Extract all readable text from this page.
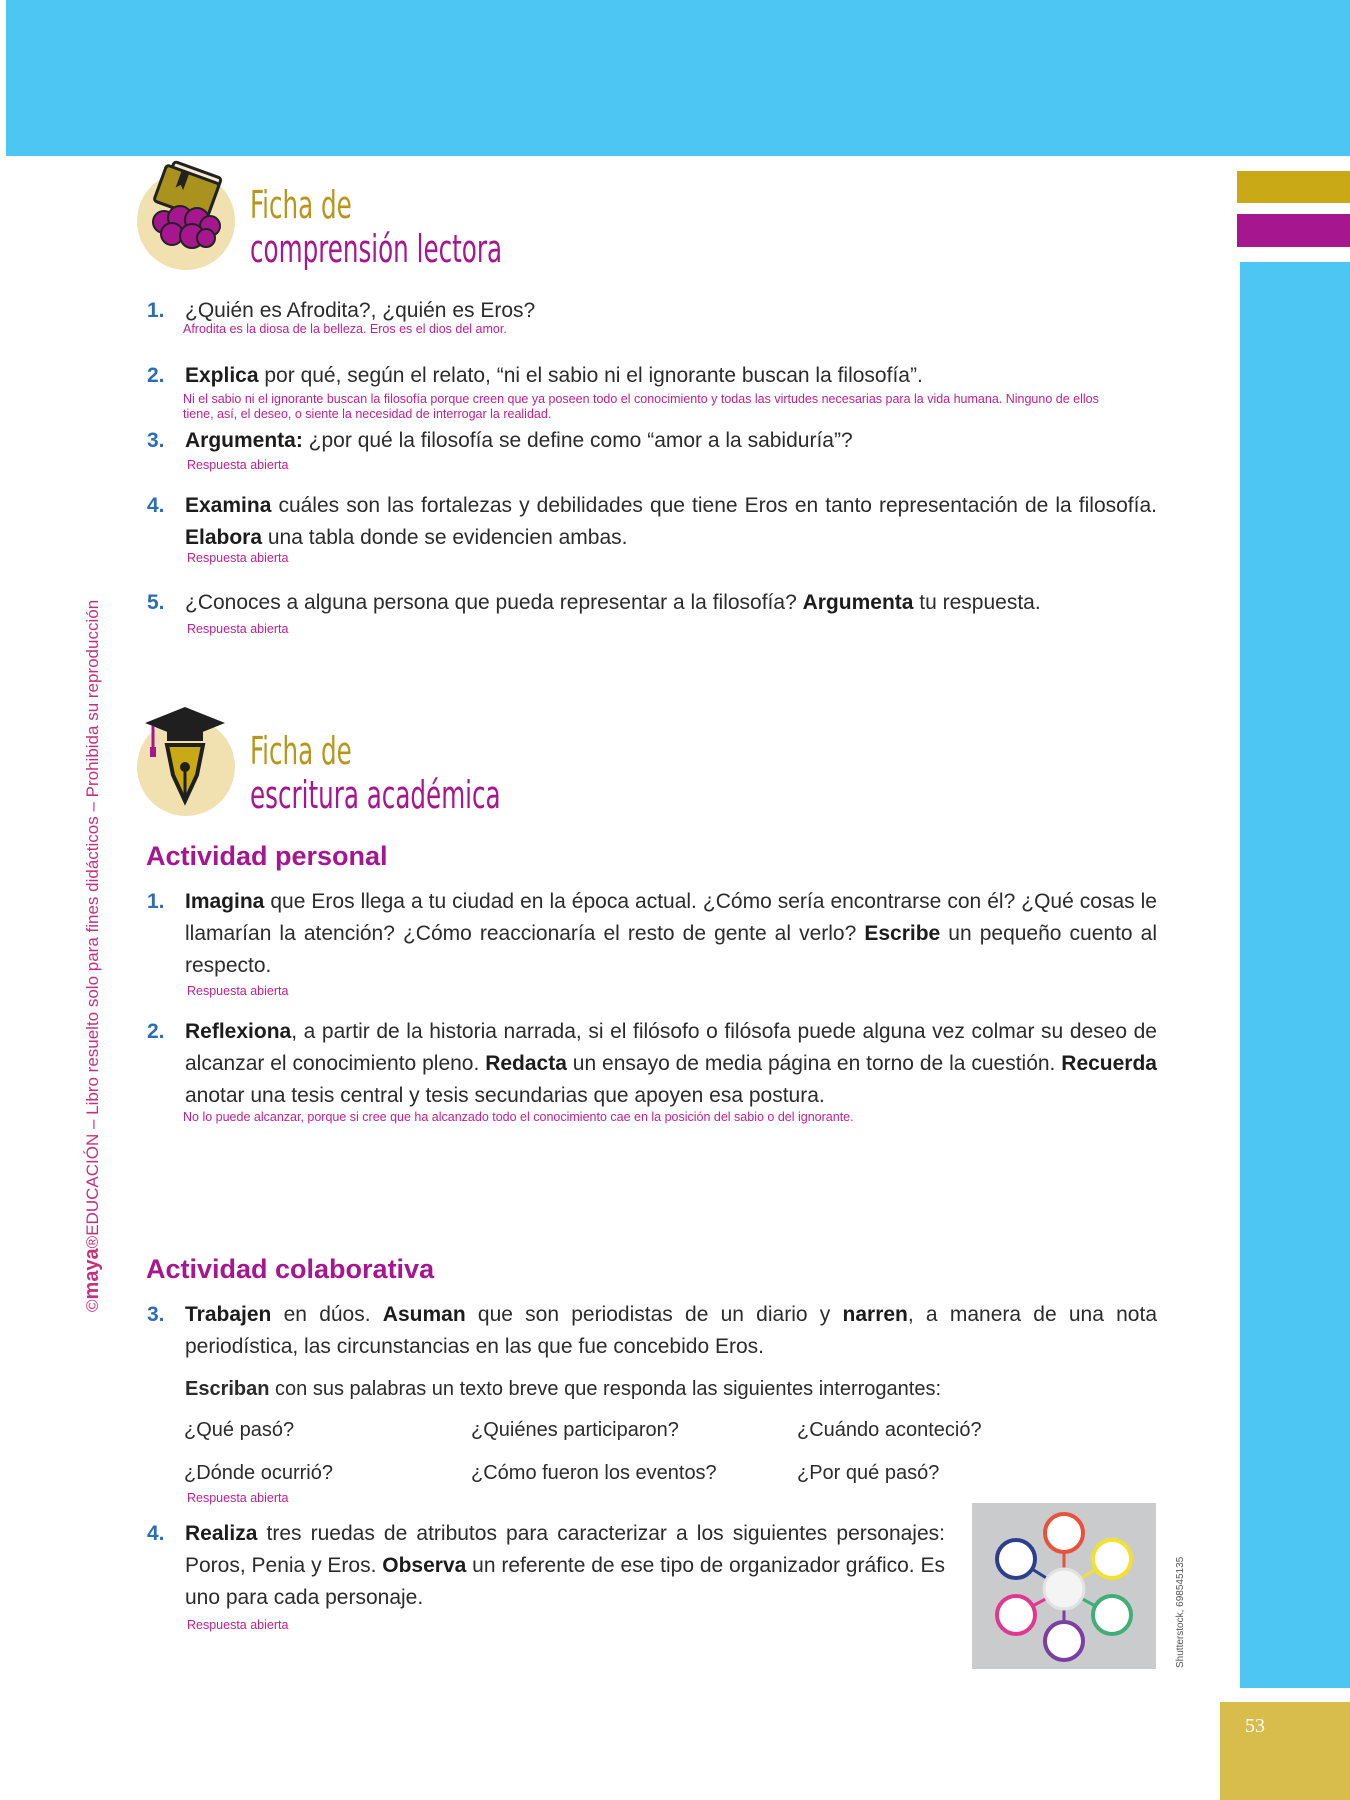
53
©maya®EDUCACIÓN – Libro resuelto solo para fines didácticos – Prohibida su reproducción
Ficha de
comprensión lectora
1. ¿Quién es Afrodita?, ¿quién es Eros?
Afrodita es la diosa de la belleza. Eros es el dios del amor.
2. Explica por qué, según el relato, “ni el sabio ni el ignorante buscan la filosofía”.
Ni el sabio ni el ignorante buscan la filosofía porque creen que ya poseen todo el conocimiento y todas las virtudes necesarias para la vida humana. Ninguno de ellos tiene, así, el deseo, o siente la necesidad de interrogar la realidad.
3. Argumenta: ¿por qué la filosofía se define como “amor a la sabiduría”?
Respuesta abierta
4. Examina cuáles son las fortalezas y debilidades que tiene Eros en tanto representación de la filosofía. Elabora una tabla donde se evidencien ambas.
Respuesta abierta
5. ¿Conoces a alguna persona que pueda representar a la filosofía? Argumenta tu respuesta.
Respuesta abierta
Ficha de
escritura académica
Actividad personal
1. Imagina que Eros llega a tu ciudad en la época actual. ¿Cómo sería encontrarse con él? ¿Qué cosas le llamarían la atención? ¿Cómo reaccionaría el resto de gente al verlo? Escribe un pequeño cuento al respecto.
Respuesta abierta
2. Reflexiona, a partir de la historia narrada, si el filósofo o filósofa puede alguna vez colmar su deseo de alcanzar el conocimiento pleno. Redacta un ensayo de media página en torno de la cuestión. Recuerda anotar una tesis central y tesis secundarias que apoyen esa postura.
No lo puede alcanzar, porque si cree que ha alcanzado todo el conocimiento cae en la posición del sabio o del ignorante.
Actividad colaborativa
3. Trabajen en dúos. Asuman que son periodistas de un diario y narren, a manera de una nota periodística, las circunstancias en las que fue concebido Eros.
Escriban con sus palabras un texto breve que responda las siguientes interrogantes:
¿Qué pasó?	¿Quiénes participaron?	¿Cuándo aconteció?
¿Dónde ocurrió?	¿Cómo fueron los eventos?	¿Por qué pasó?
Respuesta abierta
4. Realiza tres ruedas de atributos para caracterizar a los siguientes personajes: Poros, Penia y Eros. Observa un referente de ese tipo de organizador gráfico. Es uno para cada personaje.
Respuesta abierta	Shutterstock, 698545135
